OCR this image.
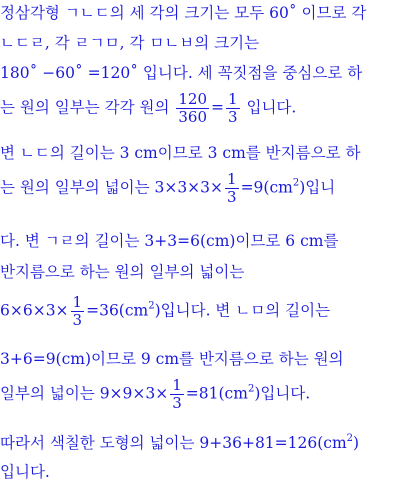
정삼각형 ㄱㄴㄷ의 세 각의 크기는 모두 60˚ 이므로 각
ㄴㄷㄹ, 각 ㄹㄱㅁ, 각 ㅁㄴㅂ의 크기는
180˚ −60˚ =120˚ 입니다. 세 꼭짓점을 중심으로 하
는 원의 일부는 각각 원의 $\frac{120}{360} = \frac{1}{3}$ 입니다.
변 ㄴㄷ의 길이는 3 cm이므로 3 cm를 반지름으로 하
는 원의 일부의 넓이는 $3\times 3\times 3\times \frac{1}{3} =9(cm^2)$입니
다. 변 ㄱㄹ의 길이는 3+3=6(cm)이므로 6 cm를
반지름으로 하는 원의 일부의 넓이는
$6\times 6\times 3\times \frac{1}{3} =36(cm^2)$입니다. 변 ㄴㅁ의 길이는
3+6=9(cm)이므로 9 cm를 반지름으로 하는 원의
일부의 넓이는 $9\times 9\times 3\times \frac{1}{3} =81(cm^2)$입니다.
따라서 색칠한 도형의 넓이는 $9+36+81=126(cm^2)$
입니다.
